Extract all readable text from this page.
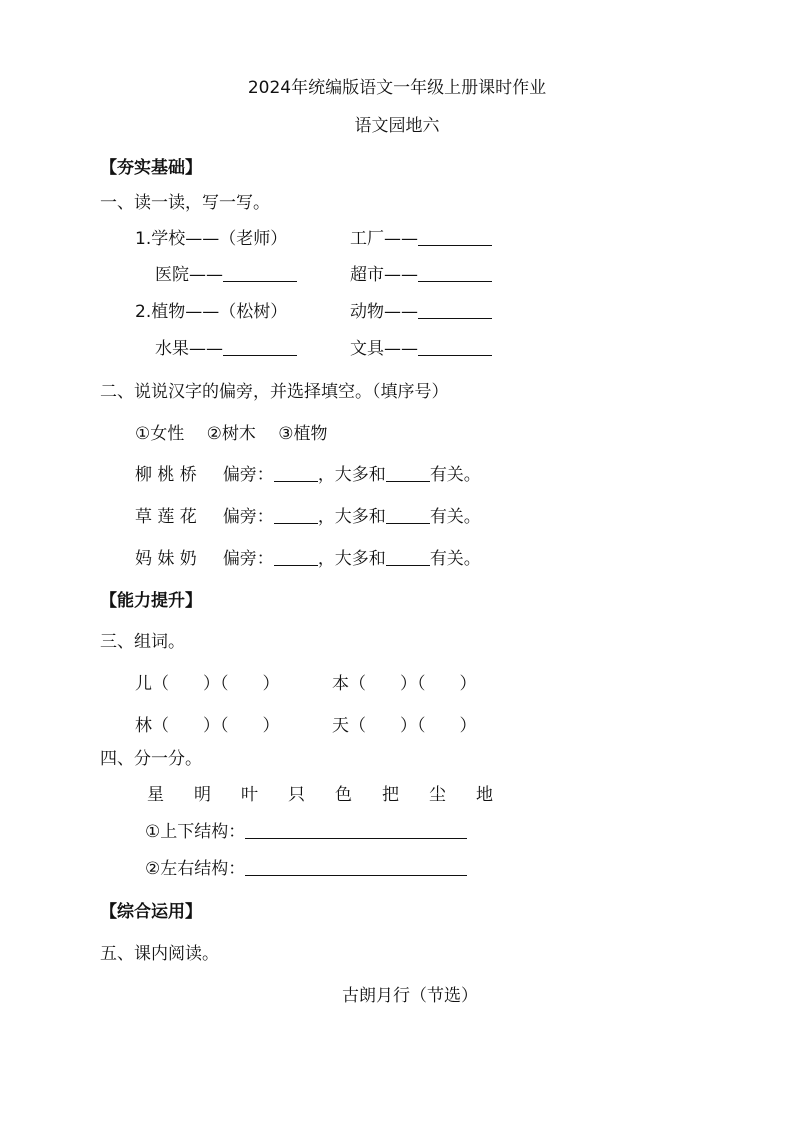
2024年统编版语文一年级上册课时作业
语文园地六
【夯实基础】
一、读一读，写一写。
1.学校——（老师）	工厂——
医院——	超市——
2.植物——（松树）	动物——
水果——	文具——
二、说说汉字的偏旁，并选择填空。（填序号）
①女性　 ②树木　 ③植物
柳 桃 桥 偏旁：	，大多和	有关。
草 莲 花 偏旁：	，大多和	有关。
妈 妹 奶 偏旁：	，大多和	有关。
【能力提升】
三、组词。
儿（　　）（　　）	本（　　）（　　）
林（　　）（　　）	天（　　）（　　）
四、分一分。
星 明 叶 只 色 把 尘 地
①上下结构：
②左右结构：
【综合运用】
五、课内阅读。
古朗月行（节选）
